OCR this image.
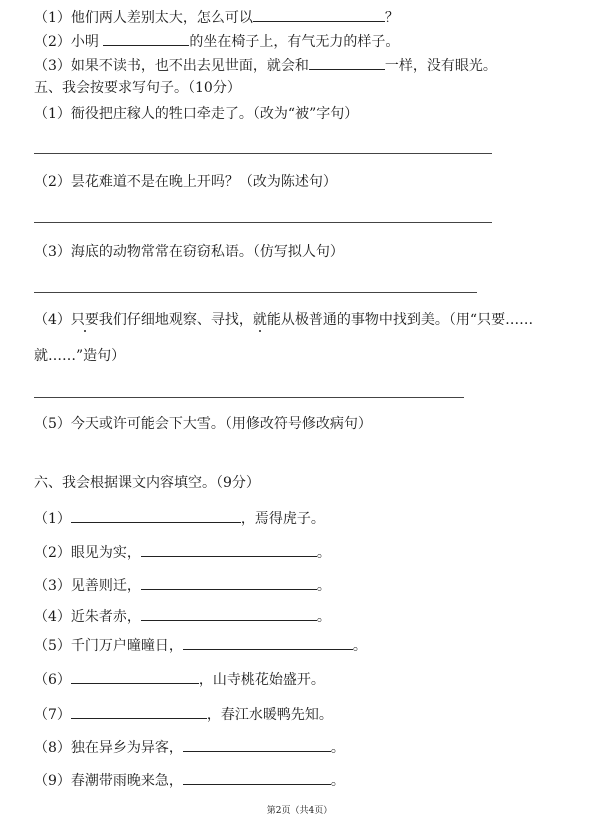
（1）他们两人差别太大，怎么可以	？
（2）小明	的坐在椅子上，有气无力的样子。
（3）如果不读书，也不出去见世面，就会和	一样，没有眼光。
五、我会按要求写句子。（10分）
（1）衙役把庄稼人的牲口牵走了。（改为“被”字句）
（2）昙花难道不是在晚上开吗？（改为陈述句）
（3）海底的动物常常在窃窃私语。（仿写拟人句）
（4）只要我们仔细地观察、寻找，就能从极普通的事物中找到美。（用“只要……
就……”造句）
（5）今天或许可能会下大雪。（用修改符号修改病句）
六、我会根据课文内容填空。（9分）
（1）	，焉得虎子。
（2）眼见为实，	。
（3）见善则迁，	。
（4）近朱者赤，	。
（5）千门万户曈曈日，	。
（6）	，山寺桃花始盛开。
（7）	，春江水暖鸭先知。
（8）独在异乡为异客，	。
（9）春潮带雨晚来急，	。
第2页（共4页）
